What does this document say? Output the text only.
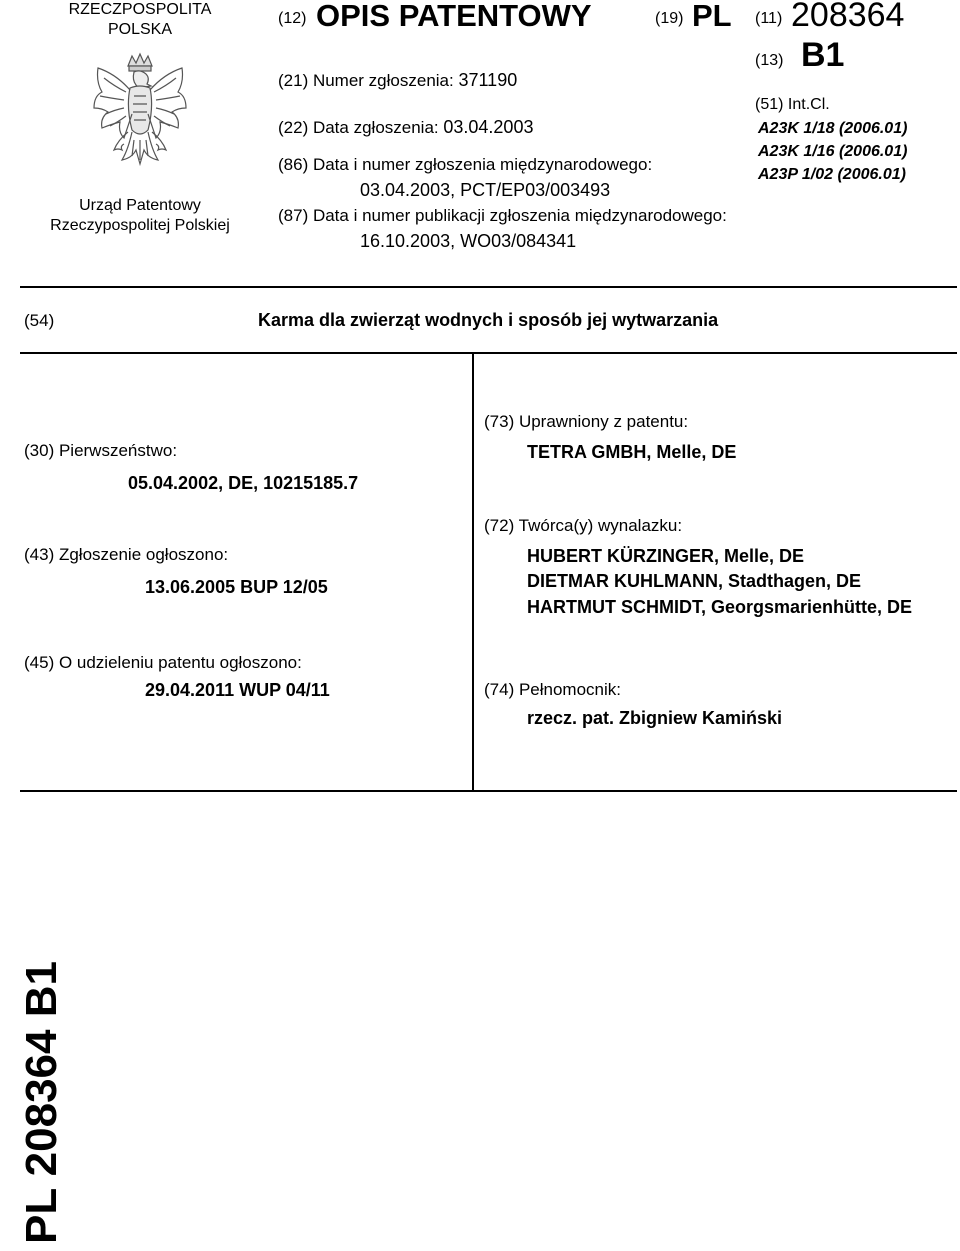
RZECZPOSPOLITA
POLSKA
Urząd Patentowy
Rzeczypospolitej Polskiej
(12) OPIS PATENTOWY	(19) PL
(21) Numer zgłoszenia: 371190
(22) Data zgłoszenia: 03.04.2003
(86) Data i numer zgłoszenia międzynarodowego:
03.04.2003, PCT/EP03/003493
(87) Data i numer publikacji zgłoszenia międzynarodowego:
16.10.2003, WO03/084341
(11) 208364
(13) B1
(51) Int.Cl.
A23K 1/18 (2006.01)
A23K 1/16 (2006.01)
A23P 1/02 (2006.01)
(54)	Karma dla zwierząt wodnych i sposób jej wytwarzania
(30) Pierwszeństwo:
05.04.2002, DE, 10215185.7
(43) Zgłoszenie ogłoszono:
13.06.2005 BUP 12/05
(45) O udzieleniu patentu ogłoszono:
29.04.2011 WUP 04/11
(73) Uprawniony z patentu:
TETRA GMBH, Melle, DE
(72) Twórca(y) wynalazku:
HUBERT KÜRZINGER, Melle, DE
DIETMAR KUHLMANN, Stadthagen, DE
HARTMUT SCHMIDT, Georgsmarienhütte, DE
(74) Pełnomocnik:
rzecz. pat. Zbigniew Kamiński
PL 208364 B1
